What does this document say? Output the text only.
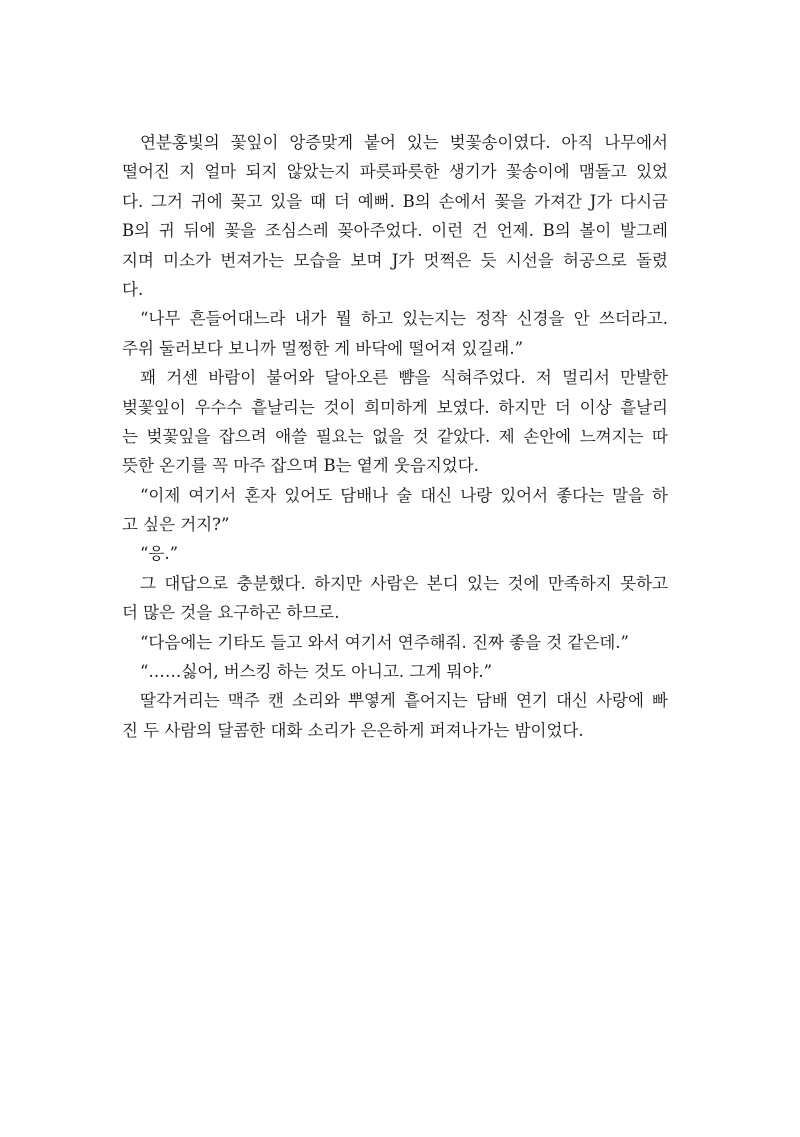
연분홍빛의 꽃잎이 앙증맞게 붙어 있는 벚꽃송이였다. 아직 나무에서
떨어진 지 얼마 되지 않았는지 파릇파릇한 생기가 꽃송이에 맴돌고 있었
다. 그거 귀에 꽂고 있을 때 더 예뻐. B의 손에서 꽃을 가져간 J가 다시금
B의 귀 뒤에 꽃을 조심스레 꽂아주었다. 이런 건 언제. B의 볼이 발그레
지며 미소가 번져가는 모습을 보며 J가 멋쩍은 듯 시선을 허공으로 돌렸
다.
“나무 흔들어대느라 내가 뭘 하고 있는지는 정작 신경을 안 쓰더라고.
주위 둘러보다 보니까 멀쩡한 게 바닥에 떨어져 있길래.”
꽤 거센 바람이 불어와 달아오른 뺨을 식혀주었다. 저 멀리서 만발한
벚꽃잎이 우수수 흩날리는 것이 희미하게 보였다. 하지만 더 이상 흩날리
는 벚꽃잎을 잡으려 애쓸 필요는 없을 것 같았다. 제 손안에 느껴지는 따
뜻한 온기를 꼭 마주 잡으며 B는 옅게 웃음지었다.
“이제 여기서 혼자 있어도 담배나 술 대신 나랑 있어서 좋다는 말을 하
고 싶은 거지?”
“응.”
그 대답으로 충분했다. 하지만 사람은 본디 있는 것에 만족하지 못하고
더 많은 것을 요구하곤 하므로.
“다음에는 기타도 들고 와서 여기서 연주해줘. 진짜 좋을 것 같은데.”
“……싫어, 버스킹 하는 것도 아니고. 그게 뭐야.”
딸각거리는 맥주 캔 소리와 뿌옇게 흩어지는 담배 연기 대신 사랑에 빠
진 두 사람의 달콤한 대화 소리가 은은하게 퍼져나가는 밤이었다.
